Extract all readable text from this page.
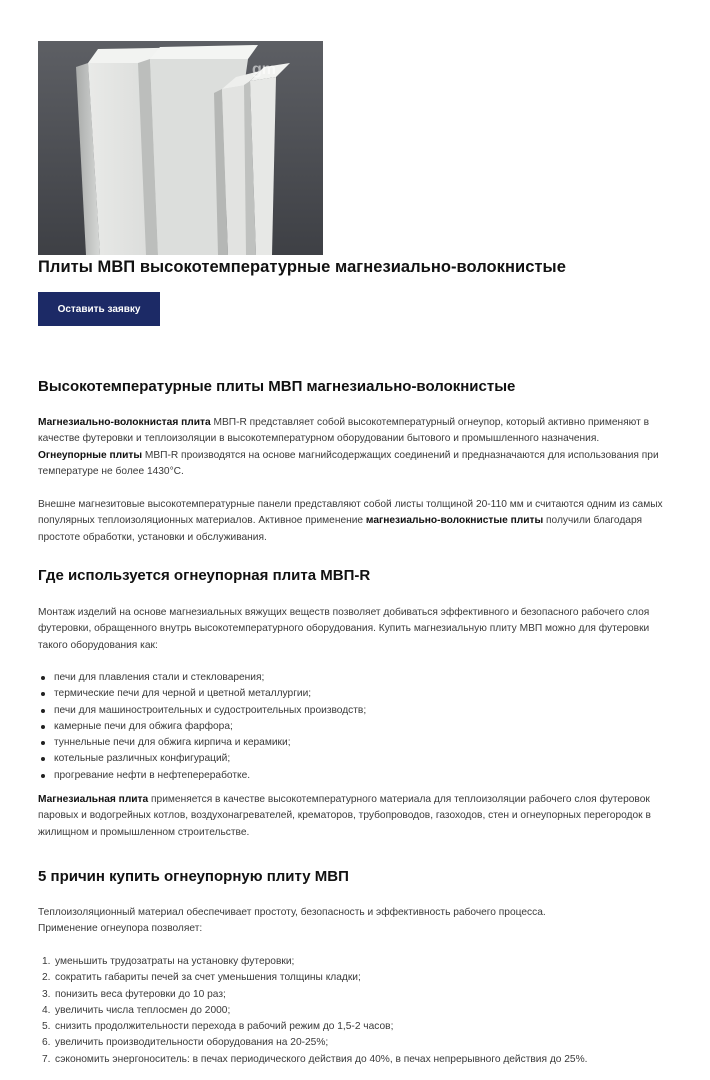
gm
Плиты МВП высокотемпературные магнезиально-волокнистые
Оставить заявку
Высокотемпературные плиты МВП магнезиально-волокнистые

Магнезиально-волокнистая плита МВП-R представляет собой высокотемпературный огнеупор, который активно применяют в качестве футеровки и теплоизоляции в высокотемпературном оборудовании бытового и промышленного назначения. Огнеупорные плиты МВП-R производятся на основе магнийсодержащих соединений и предназначаются для использования при температуре не более 1430°С.

Внешне магнезитовые высокотемпературные панели представляют собой листы толщиной 20-110 мм и считаются одним из самых популярных теплоизоляционных материалов. Активное применение магнезиально-волокнистые плиты получили благодаря простоте обработки, установки и обслуживания.

Где используется огнеупорная плита МВП-R

Монтаж изделий на основе магнезиальных вяжущих веществ позволяет добиваться эффективного и безопасного рабочего слоя футеровки, обращенного внутрь высокотемпературного оборудования. Купить магнезиальную плиту МВП можно для футеровки такого оборудования как:

печи для плавления стали и стекловарения;
термические печи для черной и цветной металлургии;
печи для машиностроительных и судостроительных производств;
камерные печи для обжига фарфора;
туннельные печи для обжига кирпича и керамики;
котельные различных конфигураций;
прогревание нефти в нефтепереработке.

Магнезиальная плита применяется в качестве высокотемпературного материала для теплоизоляции рабочего слоя футеровок паровых и водогрейных котлов, воздухонагревателей, крематоров, трубопроводов, газоходов, стен и огнеупорных перегородок в жилищном и промышленном строительстве.

5 причин купить огнеупорную плиту МВП

Теплоизоляционный материал обеспечивает простоту, безопасность и эффективность рабочего процесса. Применение огнеупора позволяет:

1. уменьшить трудозатраты на установку футеровки;
2. сократить габариты печей за счет уменьшения толщины кладки;
3. понизить веса футеровки до 10 раз;
4. увеличить числа теплосмен до 2000;
5. снизить продолжительности перехода в рабочий режим до 1,5-2 часов;
6. увеличить производительности оборудования на 20-25%;
7. сэкономить энергоноситель: в печах периодического действия до 40%, в печах непрерывного действия до 25%.
